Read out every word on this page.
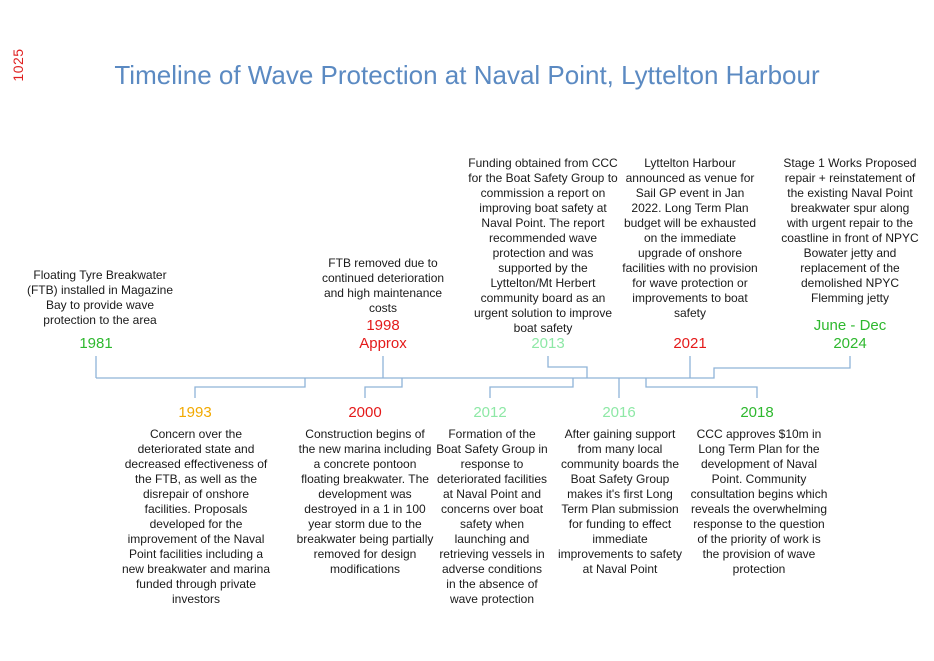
1025	Timeline of Wave Protection at Naval Point, Lyttelton Harbour
Floating Tyre Breakwater (FTB) installed in Magazine Bay to provide wave protection to the area
1981
FTB removed due to continued deterioration and high maintenance costs
1998
Approx
Funding obtained from CCC for the Boat Safety Group to commission a report on improving boat safety at Naval Point. The report recommended wave protection and was supported by the Lyttelton/Mt Herbert community board as an urgent solution to improve boat safety
2013
Lyttelton Harbour announced as venue for Sail GP event in Jan 2022. Long Term Plan budget will be exhausted on the immediate upgrade of onshore facilities with no provision for wave protection or improvements to boat safety
2021
Stage 1 Works Proposed repair + reinstatement of the existing Naval Point breakwater spur along with urgent repair to the coastline in front of NPYC Bowater jetty and replacement of the demolished NPYC Flemming jetty
June - Dec
2024
1993
Concern over the deteriorated state and decreased effectiveness of the FTB, as well as the disrepair of onshore facilities. Proposals developed for the improvement of the Naval Point facilities including a new breakwater and marina funded through private investors
2000
Construction begins of the new marina including a concrete pontoon floating breakwater. The development was destroyed in a 1 in 100 year storm due to the breakwater being partially removed for design modifications
2012
Formation of the Boat Safety Group in response to deteriorated facilities at Naval Point and concerns over boat safety when launching and retrieving vessels in adverse conditions in the absence of wave protection
2016
After gaining support from many local community boards the Boat Safety Group makes it's first Long Term Plan submission for funding to effect immediate improvements to safety at Naval Point
2018
CCC approves $10m in Long Term Plan for the development of Naval Point. Community consultation begins which reveals the overwhelming response to the question of the priority of work is the provision of wave protection
